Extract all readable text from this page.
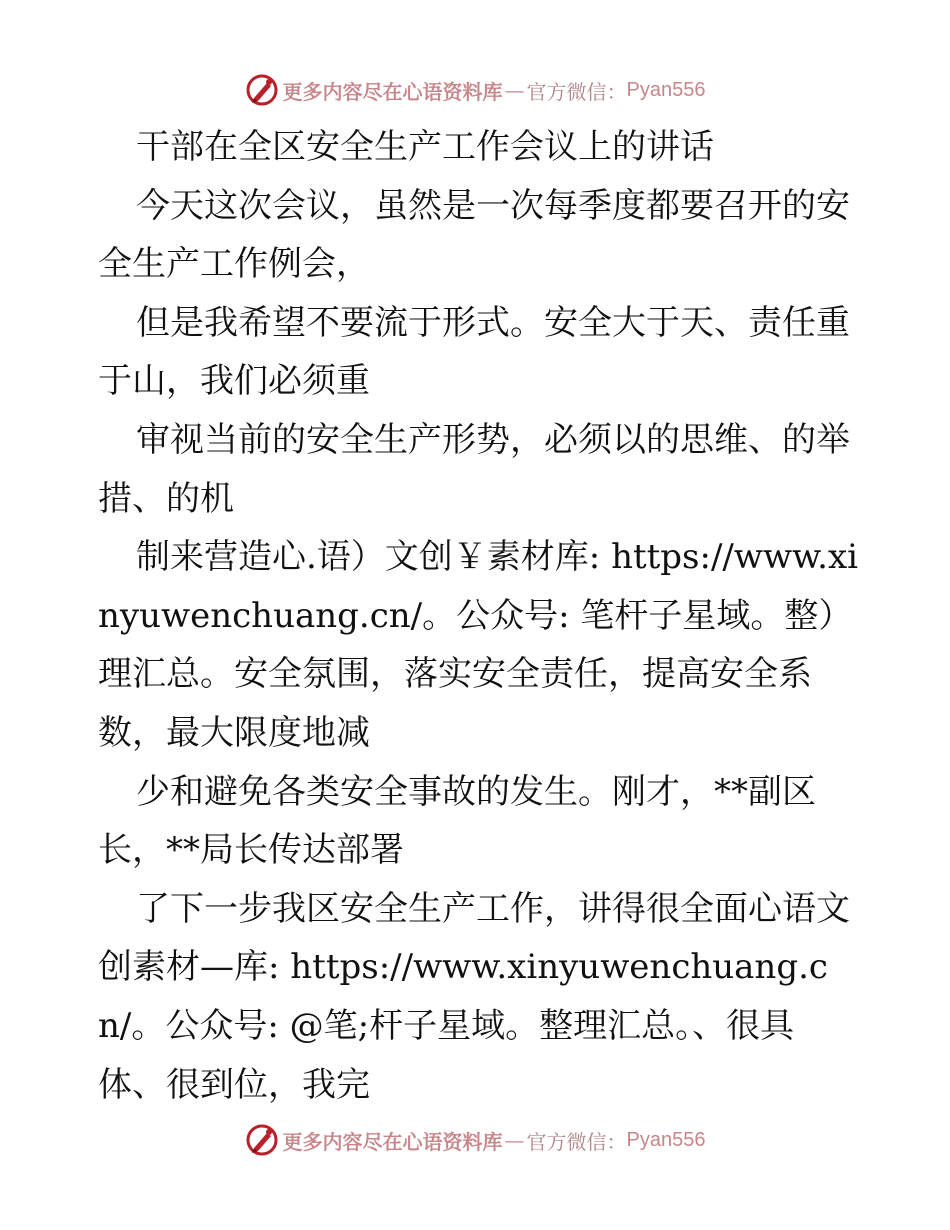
更多内容尽在心语资料库 — 官方微信： Pyan556

干部在全区安全生产工作会议上的讲话

今天这次会议，虽然是一次每季度都要召开的安全生产工作例会，

但是我希望不要流于形式。安全大于天、责任重于山，我们必须重

审视当前的安全生产形势，必须以的思维、的举措、的机

制来营造心.语）文创￥素材库: https://www.xinyuwenchuang.cn/。公众号: 笔杆子星域。整）理汇总。安全氛围，落实安全责任，提高安全系数，最大限度地减

少和避免各类安全事故的发生。刚才，**副区长，**局长传达部署

了下一步我区安全生产工作，讲得很全面心语文创素材—库: https://www.xinyuwenchuang.cn/。公众号: @笔;杆子星域。整理汇总。、很具体、很到位，我完

更多内容尽在心语资料库 — 官方微信： Pyan556
